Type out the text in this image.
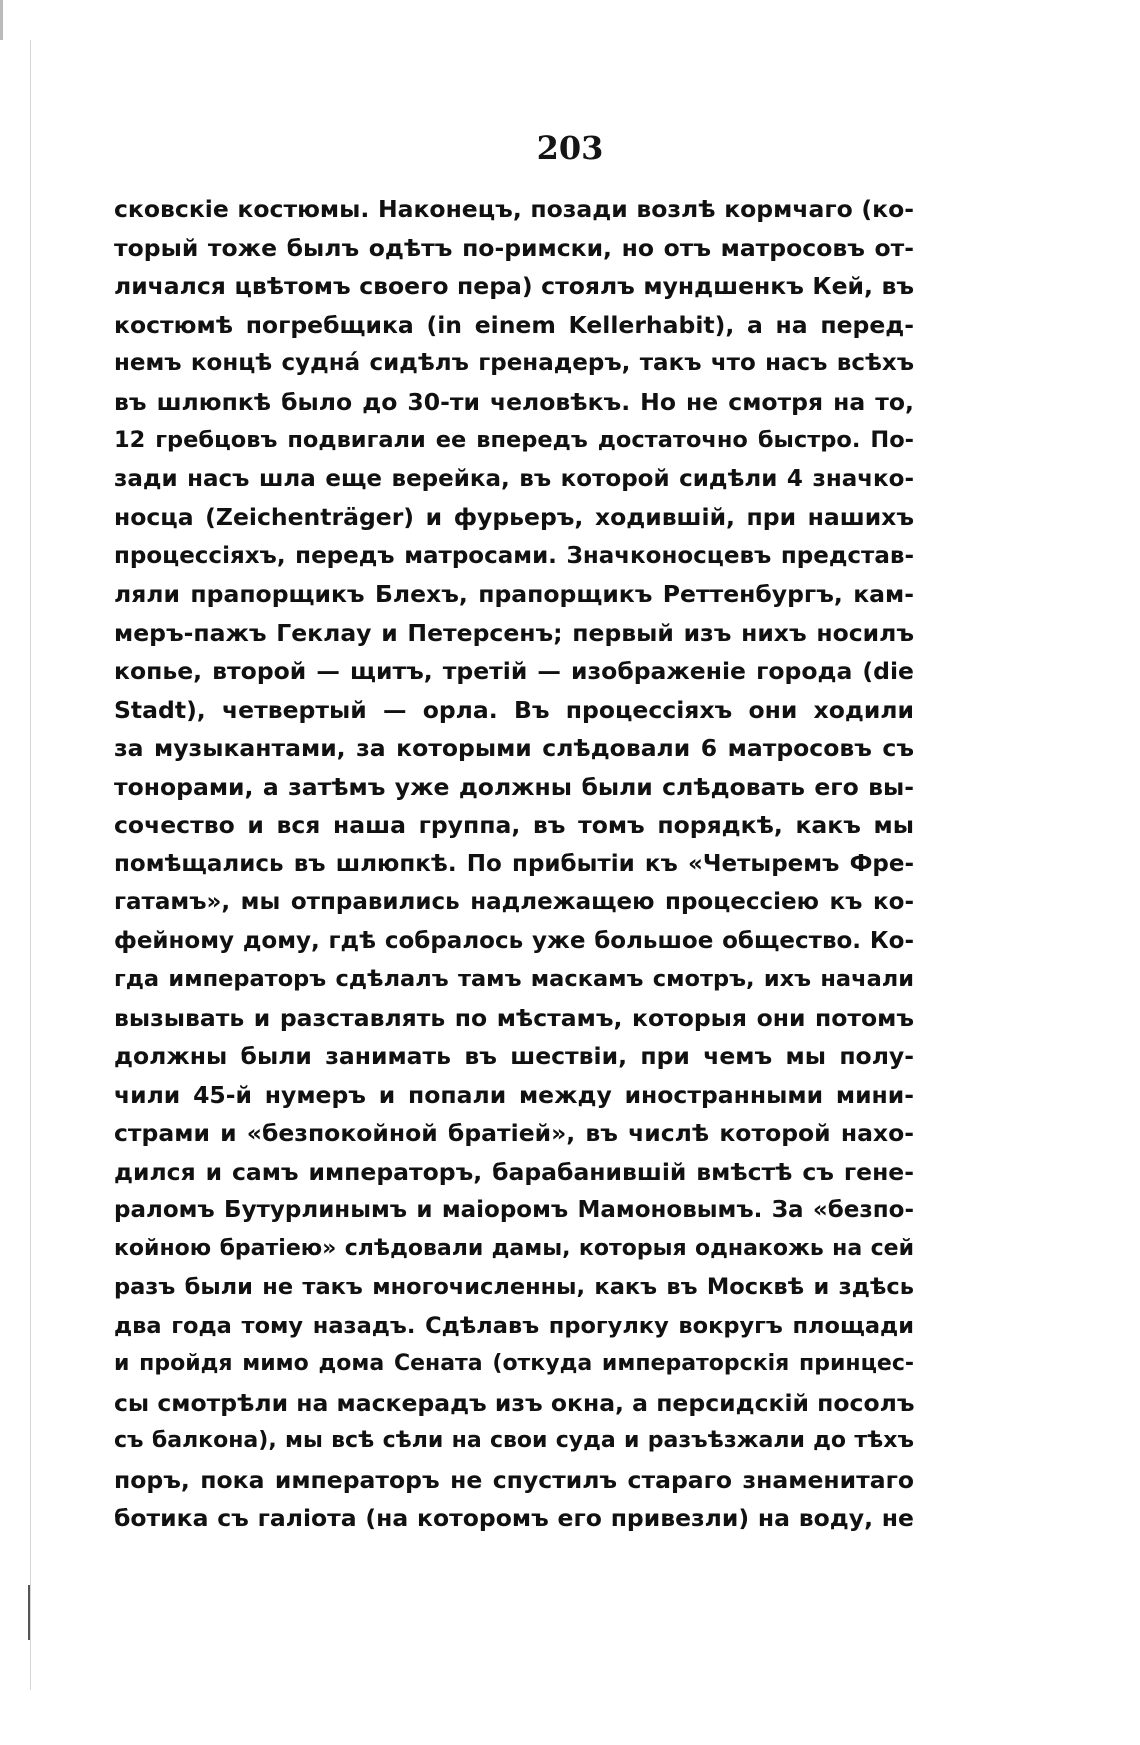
203
сковскіе костюмы. Наконецъ, позади возлѣ кормчаго (ко-
торый тоже былъ одѣтъ по-римски, но отъ матросовъ от-
личался цвѣтомъ своего пера) стоялъ мундшенкъ Кей, въ
костюмѣ погребщика (in einem Kellerhabit), а на перед-
немъ концѣ судна́ сидѣлъ гренадеръ, такъ что насъ всѣхъ
въ шлюпкѣ было до 30-ти человѣкъ. Но не смотря на то,
12 гребцовъ подвигали ее впередъ достаточно быстро. По-
зади насъ шла еще верейка, въ которой сидѣли 4 значко-
носца (Zeichenträger) и фурьеръ, ходившій, при нашихъ
процессіяхъ, передъ матросами. Значконосцевъ представ-
ляли прапорщикъ Блехъ, прапорщикъ Реттенбургъ, кам-
меръ-пажъ Геклау и Петерсенъ; первый изъ нихъ носилъ
копье, второй — щитъ, третій — изображеніе города (die
Stadt), четвертый — орла. Въ процессіяхъ они ходили
за музыкантами, за которыми слѣдовали 6 матросовъ съ
тонорами, а затѣмъ уже должны были слѣдовать его вы-
сочество и вся наша группа, въ томъ порядкѣ, какъ мы
помѣщались въ шлюпкѣ. По прибытіи къ «Четыремъ Фре-
гатамъ», мы отправились надлежащею процессіею къ ко-
фейному дому, гдѣ собралось уже большое общество. Ко-
гда императоръ сдѣлалъ тамъ маскамъ смотръ, ихъ начали
вызывать и разставлять по мѣстамъ, которыя они потомъ
должны были занимать въ шествіи, при чемъ мы полу-
чили 45-й нумеръ и попали между иностранными мини-
страми и «безпокойной братіей», въ числѣ которой нахо-
дился и самъ императоръ, барабанившій вмѣстѣ съ гене-
раломъ Бутурлинымъ и маіоромъ Мамоновымъ. За «безпо-
койною братіею» слѣдовали дамы, которыя однакожь на сей
разъ были не такъ многочисленны, какъ въ Москвѣ и здѣсь
два года тому назадъ. Сдѣлавъ прогулку вокругъ площади
и пройдя мимо дома Сената (откуда императорскія принцес-
сы смотрѣли на маскерадъ изъ окна, а персидскій посолъ
съ балкона), мы всѣ сѣли на свои суда и разъѣзжали до тѣхъ
поръ, пока императоръ не спустилъ стараго знаменитаго
ботика съ галіота (на которомъ его привезли) на воду, не
